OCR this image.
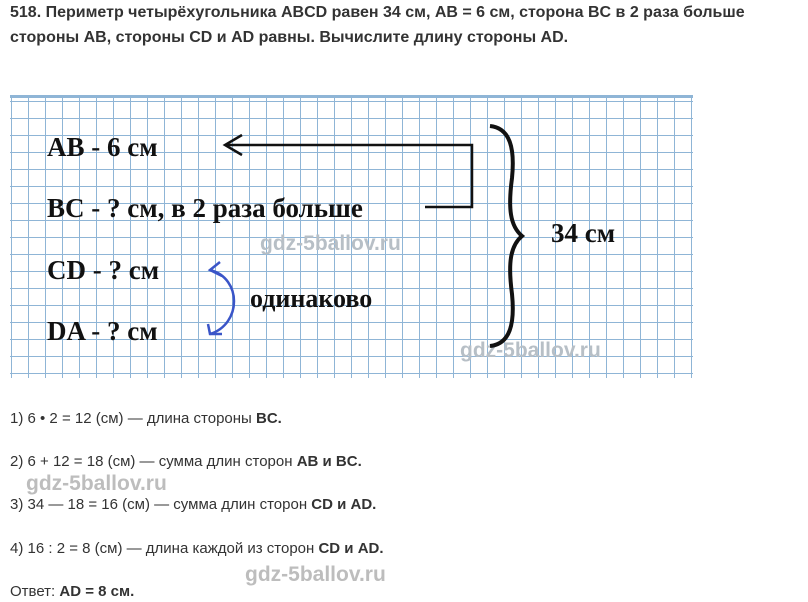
518. Периметр четырёхугольника ABCD равен 34 см, AB = 6 см, сторона BC в 2 раза больше стороны AB, стороны CD и AD равны. Вычислите длину стороны AD.
AB - 6 см
BC - ? см, в 2 раза больше
CD - ? см
DA - ? см
одинаково
34 см
gdz-5ballov.ru
gdz-5ballov.ru
1) 6 • 2 = 12 (см) — длина стороны BC.
2) 6 + 12 = 18 (см) — сумма длин сторон AB и BC.
gdz-5ballov.ru
3) 34 — 18 = 16 (см) — сумма длин сторон CD и AD.
4) 16 : 2 = 8 (см) — длина каждой из сторон CD и AD.
gdz-5ballov.ru
Ответ: AD = 8 см.
